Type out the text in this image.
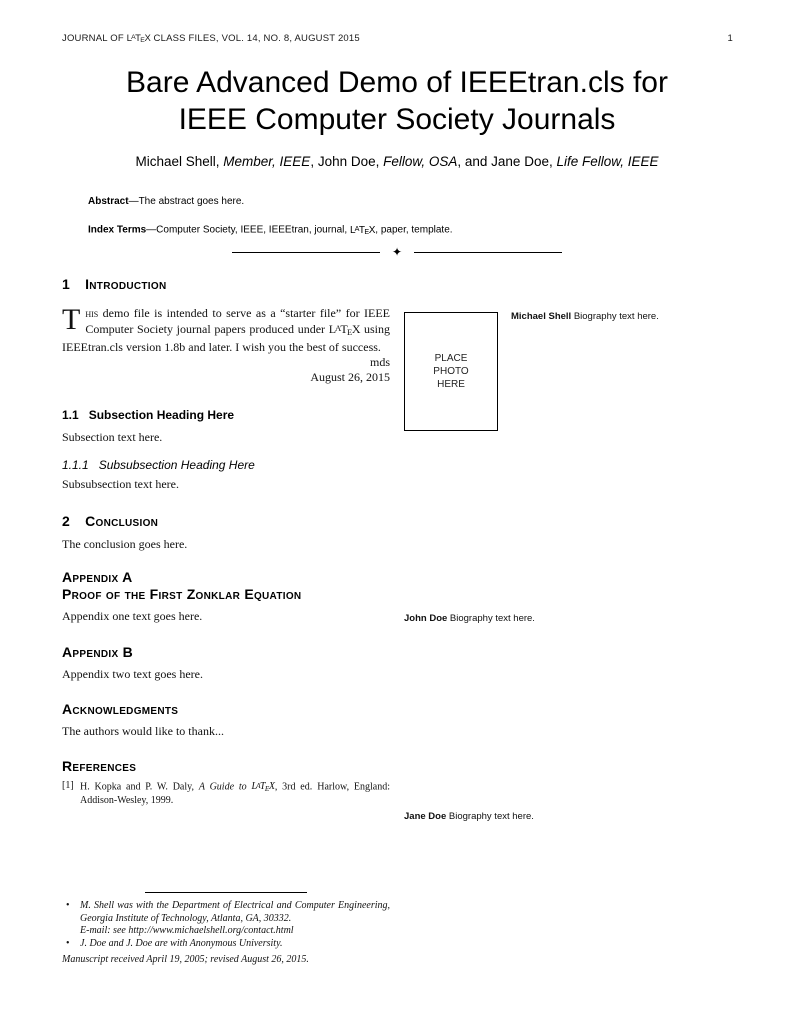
JOURNAL OF LATEX CLASS FILES, VOL. 14, NO. 8, AUGUST 2015	1
Bare Advanced Demo of IEEEtran.cls for
IEEE Computer Society Journals
Michael Shell, Member, IEEE, John Doe, Fellow, OSA, and Jane Doe, Life Fellow, IEEE

Abstract—The abstract goes here.

Index Terms—Computer Society, IEEE, IEEEtran, journal, LATEX, paper, template.

✦
1 Introduction

This demo file is intended to serve as a “starter file” for IEEE Computer Society journal papers produced under LATEX using IEEEtran.cls version 1.8b and later. I wish you the best of success.

mds
August 26, 2015
1.1 Subsection Heading Here

Subsection text here.

1.1.1 Subsubsection Heading Here

Subsubsection text here.

2 Conclusion

The conclusion goes here.

Appendix A
Proof of the First Zonklar Equation

Appendix one text goes here.

Appendix B

Appendix two text goes here.

Acknowledgments

The authors would like to thank...

References
[1] H. Kopka and P. W. Daly, A Guide to LATEX, 3rd ed. Harlow, England: Addison-Wesley, 1999.
PLACE PHOTO HERE
Michael Shell Biography text here.
John Doe Biography text here.
Jane Doe Biography text here.
• M. Shell was with the Department of Electrical and Computer Engineering, Georgia Institute of Technology, Atlanta, GA, 30332.
E-mail: see http://www.michaelshell.org/contact.html
• J. Doe and J. Doe are with Anonymous University.
Manuscript received April 19, 2005; revised August 26, 2015.
